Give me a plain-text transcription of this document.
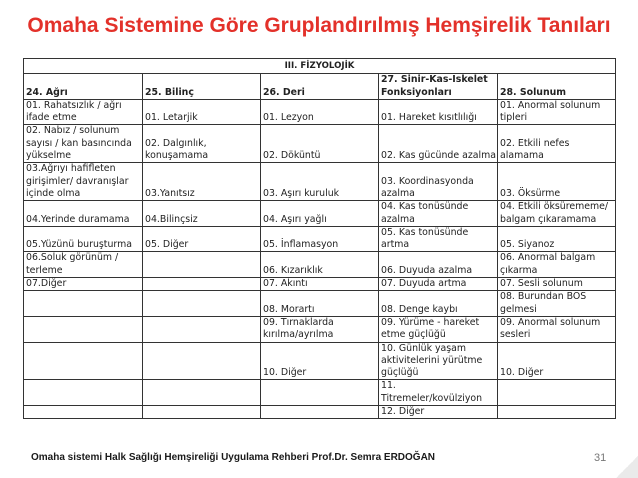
Omaha Sistemine Göre Gruplandırılmış Hemşirelik Tanıları
III. FİZYOLOJİK				
24. Ağrı	25. Bilinç	26. Deri	27. Sinir-Kas-İskelet Fonksiyonları	28. Solunum
01. Rahatsızlık / ağrı ifade etme	01. Letarjik	01. Lezyon	01. Hareket kısıtlılığı	01. Anormal solunum tipleri
02. Nabız / solunum sayısı / kan basıncında yükselme	02. Dalgınlık, konuşamama	02. Döküntü	02. Kas gücünde azalma	02. Etkili nefes alamama
03.Ağrıyı hafifleten girişimler/ davranışlar içinde olma	03.Yanıtsız	03. Aşırı kuruluk	03. Koordinasyonda azalma	03. Öksürme
04.Yerinde duramama	04.Bilinçsiz	04. Aşırı yağlı	04. Kas tonüsünde azalma	04. Etkili öksürememe/ balgam çıkaramama
05.Yüzünü buruşturma	05. Diğer	05. İnflamasyon	05. Kas tonüsünde artma	05. Siyanoz
06.Soluk görünüm / terleme		06. Kızarıklık	06. Duyuda azalma	06. Anormal balgam çıkarma
07.Diğer		07. Akıntı	07. Duyuda artma	07. Sesli solunum
		08. Morartı	08. Denge kaybı	08. Burundan BOS gelmesi
		09. Tırnaklarda kırılma/ayrılma	09. Yürüme - hareket etme güçlüğü	09. Anormal solunum sesleri
		10. Diğer	10. Günlük yaşam aktivitelerini yürütme güçlüğü	10. Diğer
			11. Titremeler/kovülziyon	
			12. Diğer	
Omaha sistemi Halk Sağlığı Hemşireliği Uygulama Rehberi Prof.Dr. Semra ERDOĞAN	31
